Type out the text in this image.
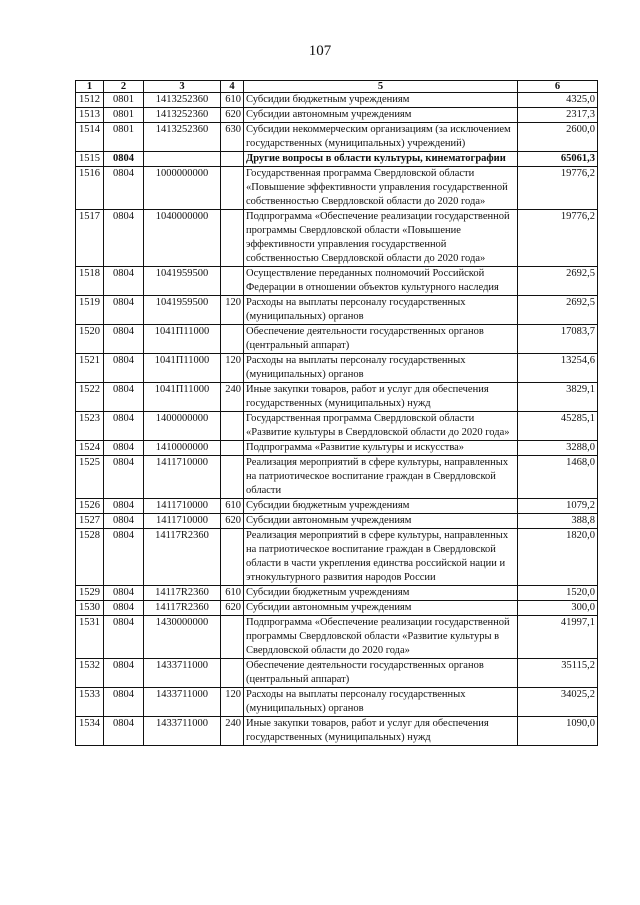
107
1	2	3	4	5	6
1512	0801	1413252360	610	Субсидии бюджетным учреждениям	4325,0
1513	0801	1413252360	620	Субсидии автономным учреждениям	2317,3
1514	0801	1413252360	630	Субсидии некоммерческим организациям (за исключением государственных (муниципальных) учреждений)	2600,0
1515	0804			Другие вопросы в области культуры, кинематографии	65061,3
1516	0804	1000000000		Государственная программа Свердловской области «Повышение эффективности управления государственной собственностью Свердловской области до 2020 года»	19776,2
1517	0804	1040000000		Подпрограмма «Обеспечение реализации государственной программы Свердловской области «Повышение эффективности управления государственной собственностью Свердловской области до 2020 года»	19776,2
1518	0804	1041959500		Осуществление переданных полномочий Российской Федерации в отношении объектов культурного наследия	2692,5
1519	0804	1041959500	120	Расходы на выплаты персоналу государственных (муниципальных) органов	2692,5
1520	0804	1041П11000		Обеспечение деятельности государственных органов (центральный аппарат)	17083,7
1521	0804	1041П11000	120	Расходы на выплаты персоналу государственных (муниципальных) органов	13254,6
1522	0804	1041П11000	240	Иные закупки товаров, работ и услуг для обеспечения государственных (муниципальных) нужд	3829,1
1523	0804	1400000000		Государственная программа Свердловской области «Развитие культуры в Свердловской области до 2020 года»	45285,1
1524	0804	1410000000		Подпрограмма «Развитие культуры и искусства»	3288,0
1525	0804	1411710000		Реализация мероприятий в сфере культуры, направленных на патриотическое воспитание граждан в Свердловской области	1468,0
1526	0804	1411710000	610	Субсидии бюджетным учреждениям	1079,2
1527	0804	1411710000	620	Субсидии автономным учреждениям	388,8
1528	0804	14117R2360		Реализация мероприятий в сфере культуры, направленных на патриотическое воспитание граждан в Свердловской области в части укрепления единства российской нации и этнокультурного развития народов России	1820,0
1529	0804	14117R2360	610	Субсидии бюджетным учреждениям	1520,0
1530	0804	14117R2360	620	Субсидии автономным учреждениям	300,0
1531	0804	1430000000		Подпрограмма «Обеспечение реализации государственной программы Свердловской области «Развитие культуры в Свердловской области до 2020 года»	41997,1
1532	0804	1433711000		Обеспечение деятельности государственных органов (центральный аппарат)	35115,2
1533	0804	1433711000	120	Расходы на выплаты персоналу государственных (муниципальных) органов	34025,2
1534	0804	1433711000	240	Иные закупки товаров, работ и услуг для обеспечения государственных (муниципальных) нужд	1090,0
